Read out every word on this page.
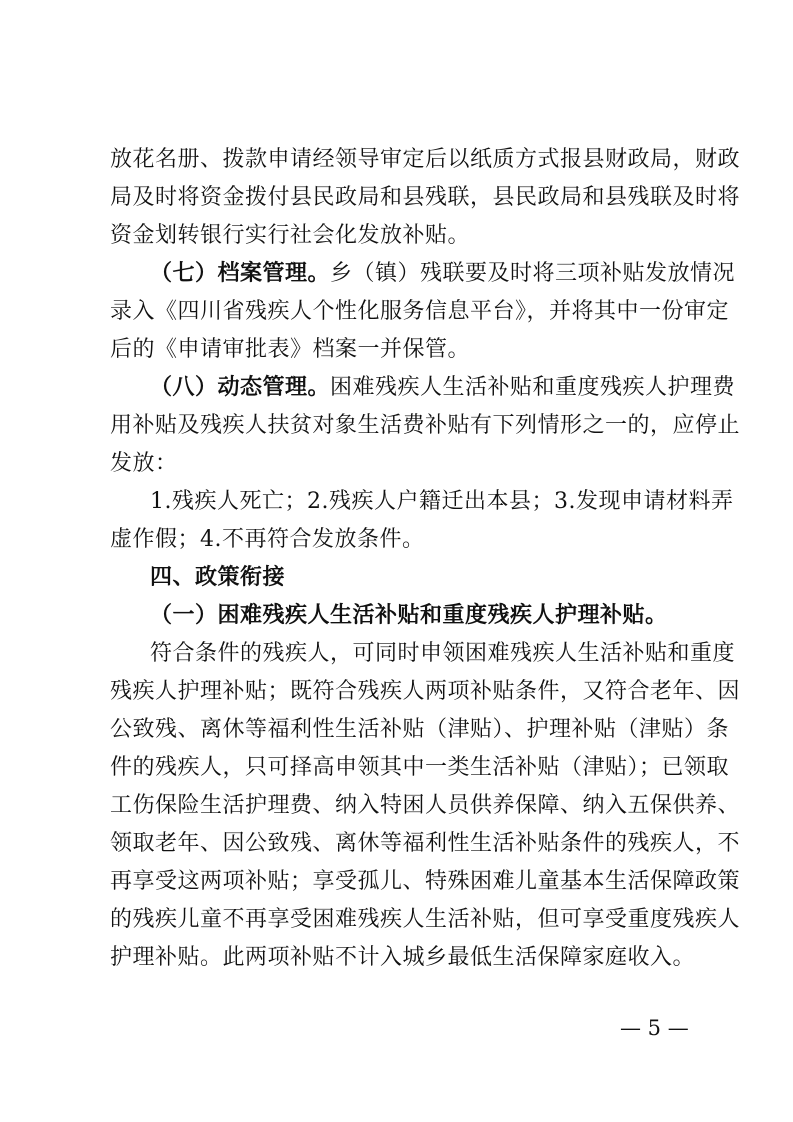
放花名册、拨款申请经领导审定后以纸质方式报县财政局，财政
局及时将资金拨付县民政局和县残联，县民政局和县残联及时将
资金划转银行实行社会化发放补贴。
（七）档案管理。乡（镇）残联要及时将三项补贴发放情况
录入《四川省残疾人个性化服务信息平台》，并将其中一份审定
后的《申请审批表》档案一并保管。
（八）动态管理。困难残疾人生活补贴和重度残疾人护理费
用补贴及残疾人扶贫对象生活费补贴有下列情形之一的，应停止
发放：
1.残疾人死亡；2.残疾人户籍迁出本县；3.发现申请材料弄
虚作假；4.不再符合发放条件。
四、政策衔接
（一）困难残疾人生活补贴和重度残疾人护理补贴。
符合条件的残疾人，可同时申领困难残疾人生活补贴和重度
残疾人护理补贴；既符合残疾人两项补贴条件，又符合老年、因
公致残、离休等福利性生活补贴（津贴）、护理补贴（津贴）条
件的残疾人，只可择高申领其中一类生活补贴（津贴）；已领取
工伤保险生活护理费、纳入特困人员供养保障、纳入五保供养、
领取老年、因公致残、离休等福利性生活补贴条件的残疾人，不
再享受这两项补贴；享受孤儿、特殊困难儿童基本生活保障政策
的残疾儿童不再享受困难残疾人生活补贴，但可享受重度残疾人
护理补贴。此两项补贴不计入城乡最低生活保障家庭收入。
— 5 —
